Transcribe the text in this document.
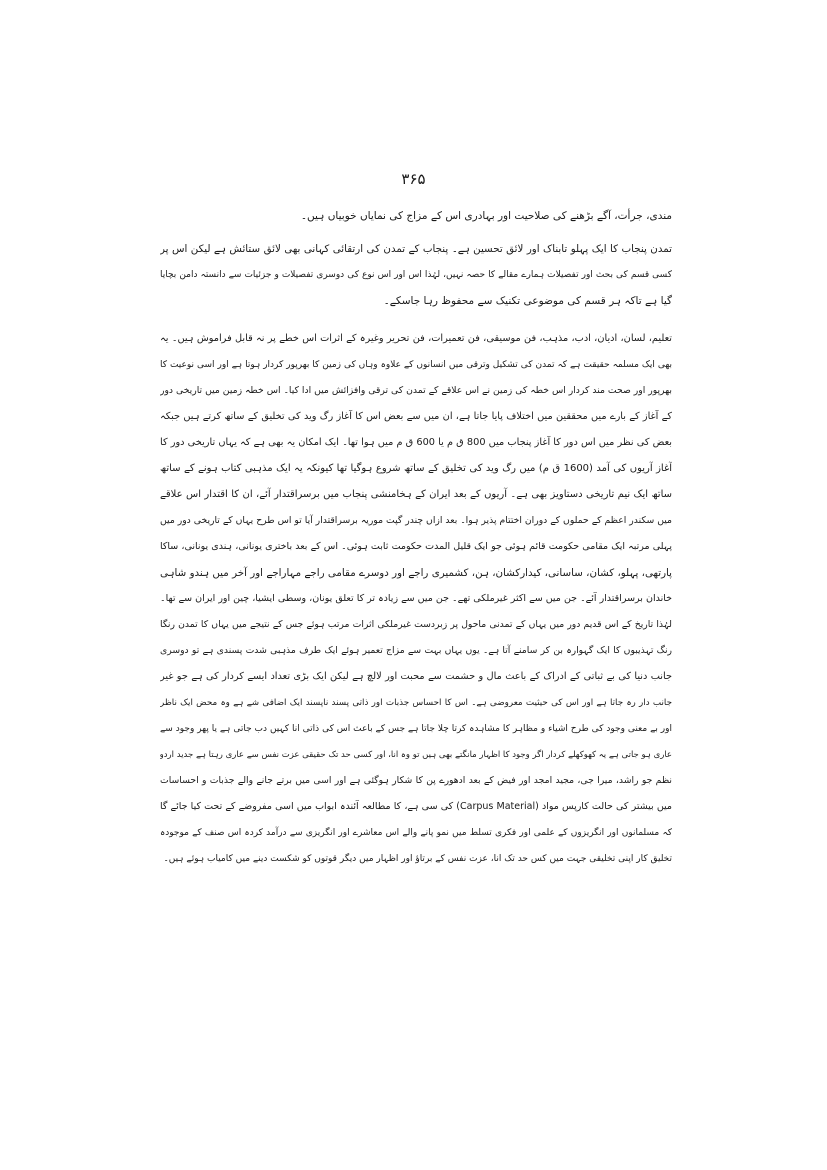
۳۶۵
مندی، جرأت، آگے بڑھنے کی صلاحیت اور بہادری اس کے مزاج کی نمایاں خوبیاں ہیں۔
تمدن پنجاب کا ایک پہلو تابناک اور لائق تحسین ہے۔ پنجاب کے تمدن کی ارتقائی کہانی بھی لائق ستائش ہے لیکن اس پر
کسی قسم کی بحث اور تفصیلات ہمارے مقالے کا حصہ نہیں، لہٰذا اس اور اس نوع کی دوسری تفصیلات و جزئیات سے دانستہ دامن بچایا
گیا ہے تاکہ ہر قسم کی موضوعی تکنیک سے محفوظ رہا جاسکے۔
تعلیم، لسان، ادیان، ادب، مذہب، فن موسیقی، فن تعمیرات، فن تحریر وغیرہ کے اثرات اس خطے پر نہ قابل فراموش ہیں۔ یہ
بھی ایک مسلمہ حقیقت ہے کہ تمدن کی تشکیل وترقی میں انسانوں کے علاوہ وہاں کی زمین کا بھرپور کردار ہوتا ہے اور اسی نوعیت کا
بھرپور اور صحت مند کردار اس خطہ کی زمین نے اس علاقے کے تمدن کی ترقی وافزائش میں ادا کیا۔ اس خطہ زمین میں تاریخی دور
کے آغاز کے بارے میں محققین میں اختلاف پایا جاتا ہے، ان میں سے بعض اس کا آغاز رگ وید کی تخلیق کے ساتھ کرتے ہیں جبکہ
بعض کی نظر میں اس دور کا آغاز پنجاب میں 800 ق م یا 600 ق م میں ہوا تھا۔ ایک امکان یہ بھی ہے کہ یہاں تاریخی دور کا
آغاز آریوں کی آمد (1600 ق م) میں رگ وید کی تخلیق کے ساتھ شروع ہوگیا تھا کیونکہ یہ ایک مذہبی کتاب ہونے کے ساتھ
ساتھ ایک نیم تاریخی دستاویز بھی ہے۔ آریوں کے بعد ایران کے ہخامنشی پنجاب میں برسراقتدار آئے، ان کا اقتدار اس علاقے
میں سکندر اعظم کے حملوں کے دوران اختتام پذیر ہوا۔ بعد ازاں چندر گپت موریہ برسراقتدار آیا تو اس طرح یہاں کے تاریخی دور میں
پہلی مرتبہ ایک مقامی حکومت قائم ہوئی جو ایک قلیل المدت حکومت ثابت ہوئی۔ اس کے بعد باختری یونانی، ہندی یونانی، ساکا
پارتھی، پہلو، کشان، ساسانی، کیدارکشان، ہن، کشمیری راجے اور دوسرے مقامی راجے مہاراجے اور آخر میں ہندو شاہی
خاندان برسراقتدار آئے۔ جن میں سے اکثر غیرملکی تھے۔ جن میں سے زیادہ تر کا تعلق یونان، وسطی ایشیا، چین اور ایران سے تھا۔
لہٰذا تاریخ کے اس قدیم دور میں یہاں کے تمدنی ماحول پر زبردست غیرملکی اثرات مرتب ہوئے جس کے نتیجے میں یہاں کا تمدن رنگا
رنگ تہذیبوں کا ایک گہوارہ بن کر سامنے آتا ہے۔ یوں یہاں بہت سے مزاج تعمیر ہوئے ایک طرف مذہبی شدت پسندی ہے تو دوسری
جانب دنیا کی بے ثباتی کے ادراک کے باعث مال و حشمت سے محبت اور لالچ ہے لیکن ایک بڑی تعداد ایسے کردار کی ہے جو غیر
جانب دار رہ جاتا ہے اور اس کی حیثیت معروضی ہے۔ اس کا احساس جذبات اور ذاتی پسند ناپسند ایک اضافی شے ہے وہ محض ایک ناظر
اور بے معنی وجود کی طرح اشیاء و مظاہر کا مشاہدہ کرتا چلا جاتا ہے جس کے باعث اس کی ذاتی انا کہیں دب جاتی ہے یا پھر وجود سے
عاری ہو جاتی ہے یہ کھوکھلے کردار اگر وجود کا اظہار مانگتے بھی ہیں تو وہ انا، اور کسی حد تک حقیقی عزت نفس سے عاری رہتا ہے جدید اردو
نظم جو راشد، میرا جی، مجید امجد اور فیض کے بعد ادھورے پن کا شکار ہوگئی ہے اور اسی میں برتے جانے والے جذبات و احساسات
میں بیشتر کی حالت کارپس مواد (Carpus Material) کی سی ہے، کا مطالعہ آئندہ ابواب میں اسی مفروضے کے تحت کیا جائے گا
کہ مسلمانوں اور انگریزوں کے علمی اور فکری تسلط میں نمو پانے والے اس معاشرے اور انگریزی سے درآمد کردہ اس صنف کے موجودہ
تخلیق کار اپنی تخلیقی جہت میں کس حد تک انا، عزت نفس کے برتاؤ اور اظہار میں دیگر قوتوں کو شکست دینے میں کامیاب ہوئے ہیں۔
